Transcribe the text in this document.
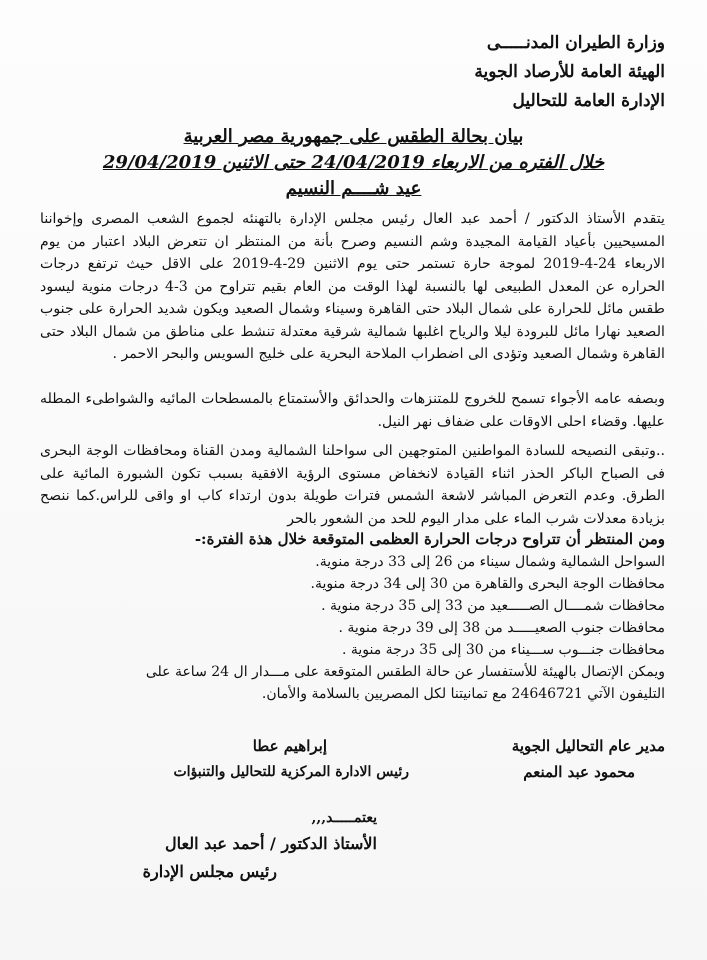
وزارة الطيران المدنـــــى
الهيئة العامة للأرصاد الجوية
الإدارة العامة للتحاليل
بيان بحالة الطقس على جمهورية مصر العربية
خلال الفتره من الاربعاء 24/04/2019 حتى الاثنين 29/04/2019
عيد شــــم النسيم
يتقدم الأستاذ الدكتور / أحمد عبد العال رئيس مجلس الإدارة بالتهنئه لجموع الشعب المصرى وإخواننا المسيحيين بأعياد القيامة المجيدة وشم النسيم وصرح بأنة من المنتظر ان تتعرض البلاد اعتبار من يوم الاربعاء 24-4-2019 لموجة حارة تستمر حتى يوم الاثنين 29-4-2019 على الاقل حيث ترتفع درجات الحراره عن المعدل الطبيعى لها بالنسبة لهذا الوقت من العام بقيم تتراوح من 3-4 درجات منوية ليسود طقس مائل للحرارة على شمال البلاد حتى القاهرة وسيناء وشمال الصعيد ويكون شديد الحرارة على جنوب الصعيد نهارا مائل للبرودة ليلا والرياح اغلبها شمالية شرقية معتدلة تنشط على مناطق من شمال البلاد حتى القاهرة وشمال الصعيد وتؤدى الى اضطراب الملاحة البحرية على خليج السويس والبحر الاحمر .
وبصفه عامه الأجواء تسمح للخروج للمتنزهات والحدائق والأستمتاع بالمسطحات المائيه والشواطىء المطله عليها. وقضاء احلى الاوقات على ضفاف نهر النيل.
..وتبقى النصيحه للسادة المواطنين المتوجهين الى سواحلنا الشمالية ومدن القناة ومحافظات الوجة البحرى فى الصباح الباكر الحذر اثناء القيادة لانخفاض مستوى الرؤية الافقية بسبب تكون الشبورة المائية على الطرق. وعدم التعرض المباشر لاشعة الشمس فترات طويلة بدون ارتداء كاب او واقى للراس.كما ننصح بزيادة معدلات شرب الماء على مدار اليوم للحد من الشعور بالحر
ومن المنتظر أن تتراوح درجات الحرارة العظمى المتوقعة خلال هذة الفترة:-
السواحل الشمالية وشمال سيناء من 26 إلى 33 درجة منوية.
محافظات الوجة البحرى والقاهرة من 30 إلى 34 درجة منوية.
محافظات شمــــال الصـــــعيد من 33 إلى 35 درجة منوية .
محافظات جنوب الصعيـــــد من 38 إلى 39 درجة منوية .
محافظات جنـــوب ســـيناء من 30 إلى 35 درجة منوية .
ويمكن الإتصال بالهيئة للأستفسار عن حالة الطقس المتوقعة على مـــدار ال 24 ساعة على
التليفون الآتي 24646721 مع تمانيتنا لكل المصريين بالسلامة والأمان.
مدير عام التحاليل الجوية
محمود عبد المنعم
إبراهيم عطا
رئيس الادارة المركزية للتحاليل والتنبؤات
يعتمـــــد,,,
الأستاذ الدكتور / أحمد عبد العال
رئيس مجلس الإدارة
